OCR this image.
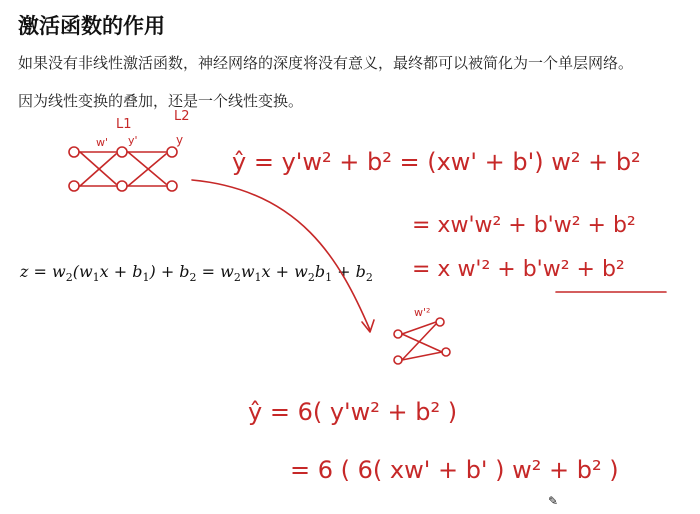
激活函数的作用
如果没有非线性激活函数，神经网络的深度将没有意义，最终都可以被简化为一个单层网络。
因为线性变换的叠加，还是一个线性变换。
$z = w_2(w_1x + b_1) + b_2 = w_2w_1x + w_2b_1 + b_2$
w' y'	y
L1
L2
w'²
ŷ = y'w² + b² = (xw' + b') w² + b²
= xw'w² + b'w² + b²
= x w'² + b'w² + b²
ŷ = 6( y'w² + b² )
= 6 ( 6( xw' + b' ) w² + b² )
✎
